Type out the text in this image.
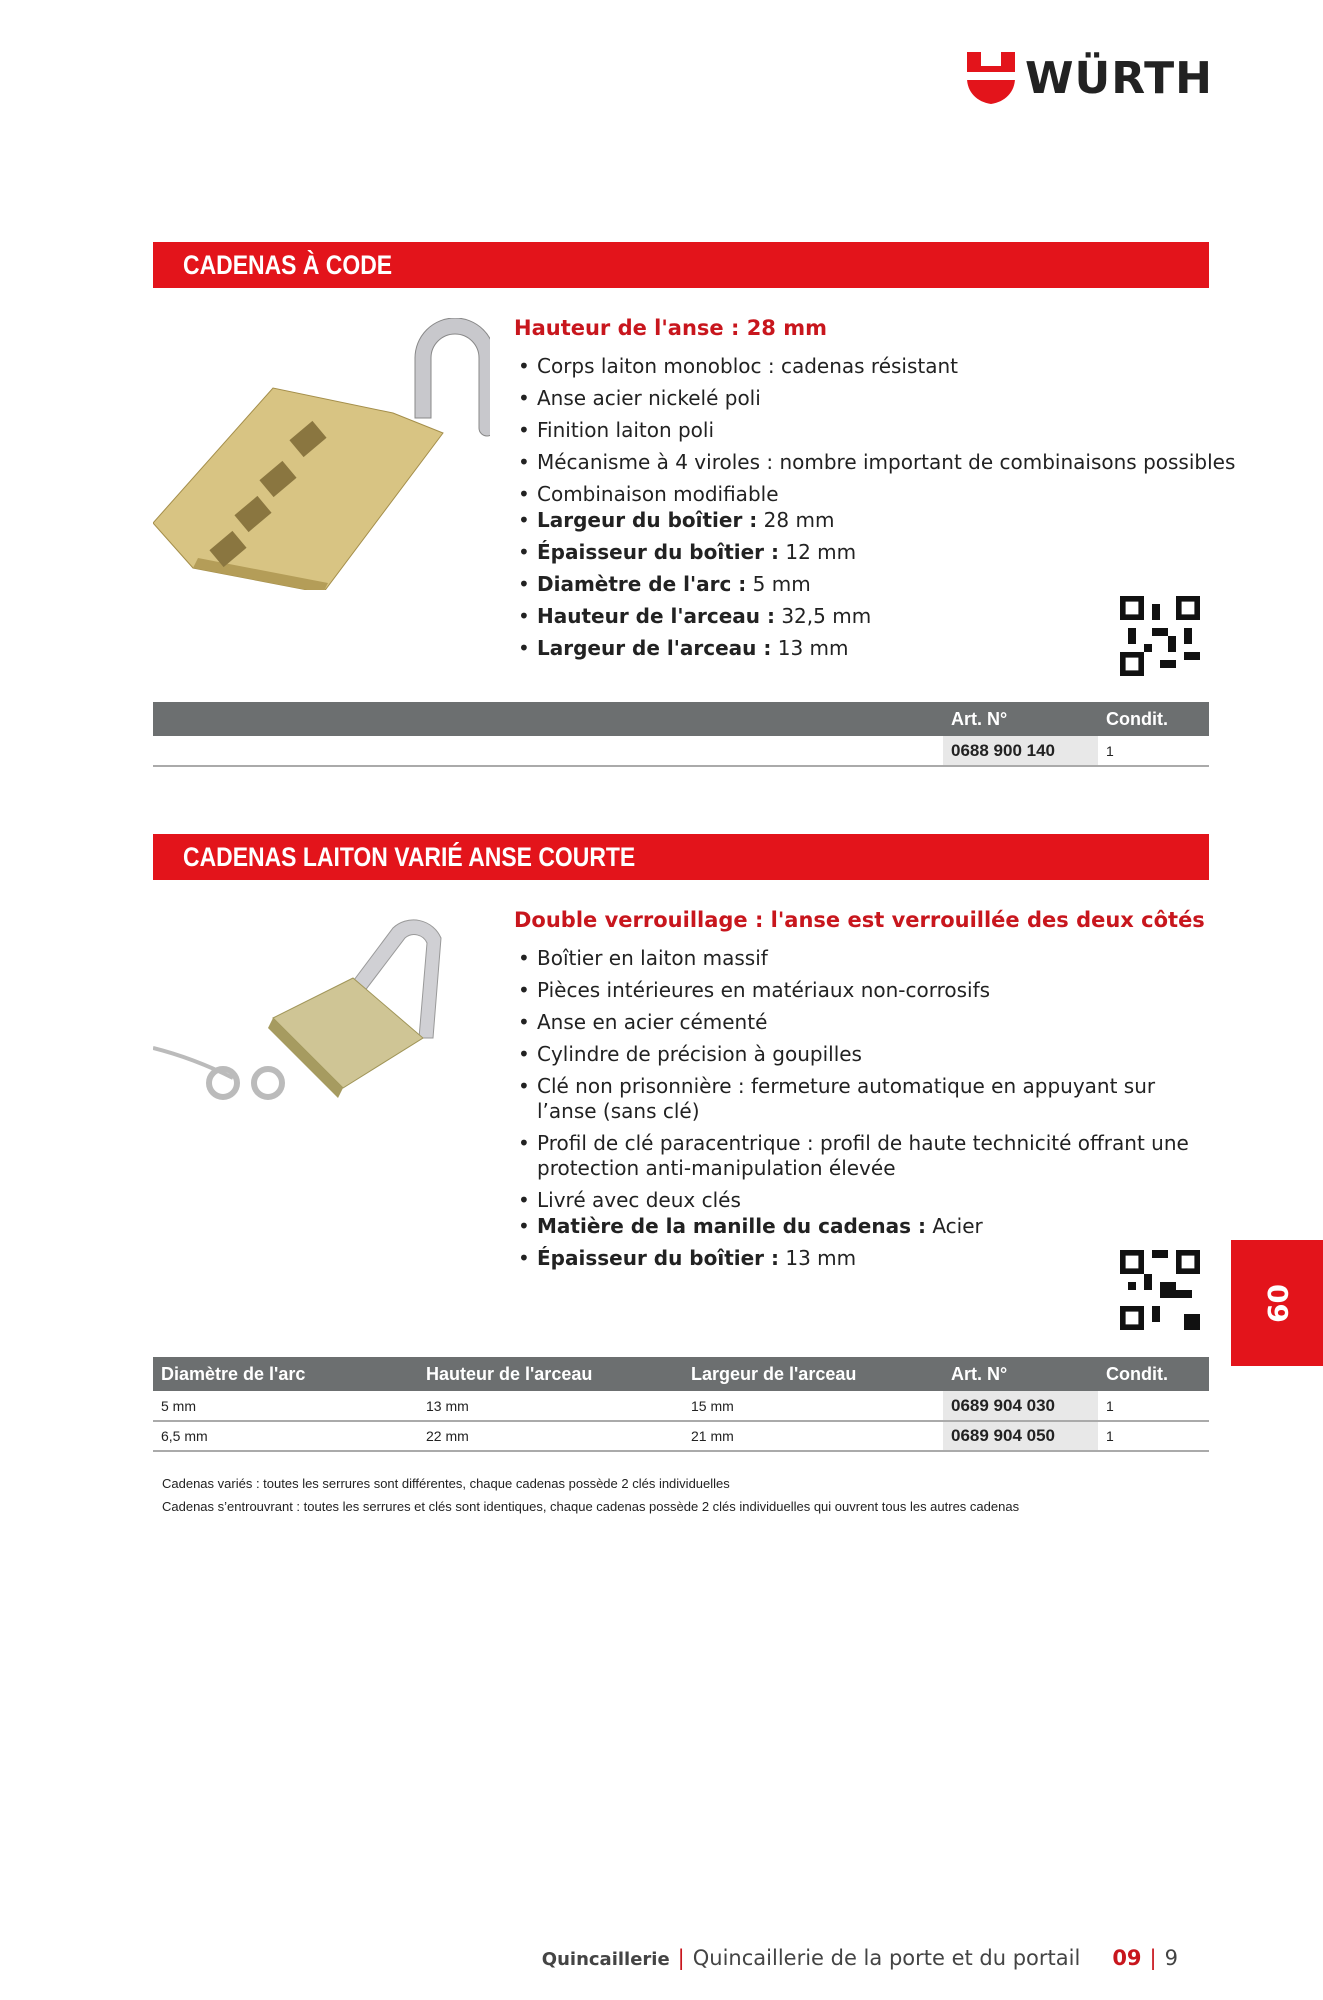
WÜRTH
CADENAS À CODE
Hauteur de l'anse : 28 mm
• Corps laiton monobloc : cadenas résistant
• Anse acier nickelé poli
• Finition laiton poli
• Mécanisme à 4 viroles : nombre important de combinaisons possibles
• Combinaison modifiable
• Largeur du boîtier : 28 mm
• Épaisseur du boîtier : 12 mm
• Diamètre de l'arc : 5 mm
• Hauteur de l'arceau : 32,5 mm
• Largeur de l'arceau : 13 mm
	Art. N°	Condit.
	0688 900 140	1
CADENAS LAITON VARIÉ ANSE COURTE
Double verrouillage : l'anse est verrouillée des deux côtés
• Boîtier en laiton massif
• Pièces intérieures en matériaux non-corrosifs
• Anse en acier cémenté
• Cylindre de précision à goupilles
• Clé non prisonnière : fermeture automatique en appuyant sur l’anse (sans clé)
• Profil de clé paracentrique : profil de haute technicité offrant une protection anti-manipulation élevée
• Livré avec deux clés
• Matière de la manille du cadenas : Acier
• Épaisseur du boîtier : 13 mm
Diamètre de l'arc	Hauteur de l'arceau	Largeur de l'arceau	Art. N°	Condit.
5 mm	13 mm	15 mm	0689 904 030	1
6,5 mm	22 mm	21 mm	0689 904 050	1
Cadenas variés : toutes les serrures sont différentes, chaque cadenas possède 2 clés individuelles
Cadenas s’entrouvrant : toutes les serrures et clés sont identiques, chaque cadenas possède 2 clés individuelles qui ouvrent tous les autres cadenas
09
Quincaillerie | Quincaillerie de la porte et du portail 09 | 9
